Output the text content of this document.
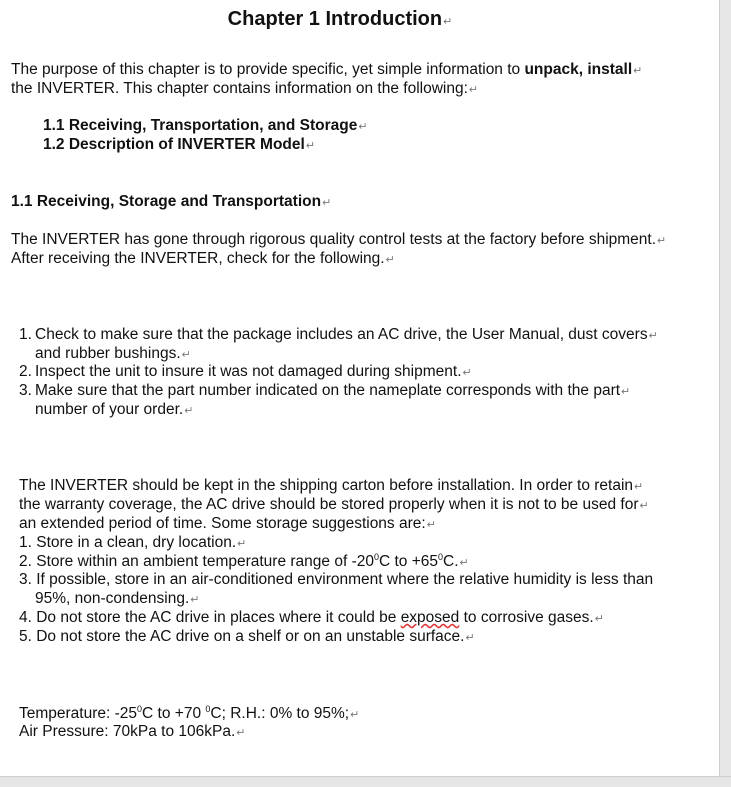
Chapter 1 Introduction↵
The purpose of this chapter is to provide specific, yet simple information to unpack, install↵
the INVERTER. This chapter contains information on the following:↵
1.1 Receiving, Transportation, and Storage↵
1.2 Description of INVERTER Model↵
1.1 Receiving, Storage and Transportation↵
The INVERTER has gone through rigorous quality control tests at the factory before shipment.↵
After receiving the INVERTER, check for the following.↵
1. Check to make sure that the package includes an AC drive, the User Manual, dust covers↵
and rubber bushings.↵
2. Inspect the unit to insure it was not damaged during shipment.↵
3. Make sure that the part number indicated on the nameplate corresponds with the part↵
number of your order.↵
The INVERTER should be kept in the shipping carton before installation. In order to retain↵
the warranty coverage, the AC drive should be stored properly when it is not to be used for↵
an extended period of time. Some storage suggestions are:↵
1. Store in a clean, dry location.↵
2. Store within an ambient temperature range of $-20^0C$ to $+65^0C.↵$
3. If possible, store in an air-conditioned environment where the relative humidity is less than
95%, non-condensing.↵
4. Do not store the AC drive in places where it could be exposed to corrosive gases.↵
5. Do not store the AC drive on a shelf or on an unstable surface.↵
Temperature: $-25^0C$ to +70 $^0$C; R.H.: 0% to 95%;↵
Air Pressure: 70kPa to 106kPa.↵
